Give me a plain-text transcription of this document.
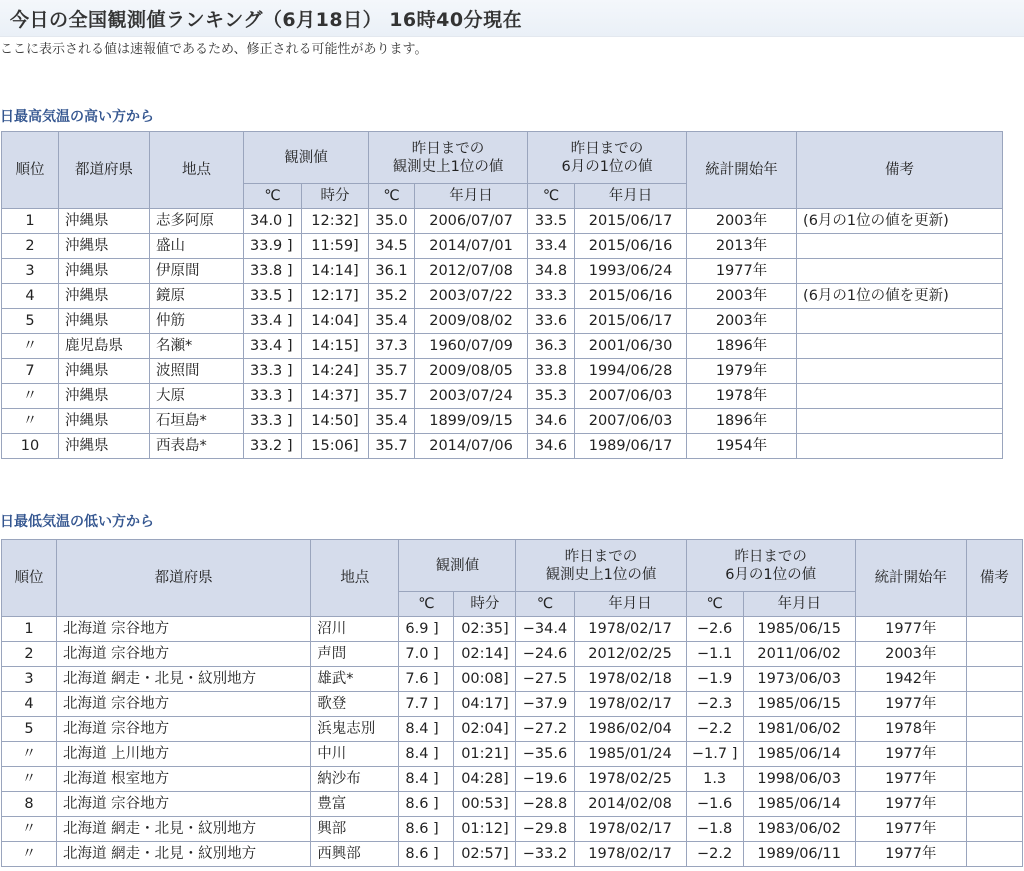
今日の全国観測値ランキング（6月18日） 16時40分現在
ここに表示される値は速報値であるため、修正される可能性があります。
日最高気温の高い方から
順位	都道府県	地点	観測値		昨日までの
観測史上1位の値		昨日までの
6月の1位の値		統計開始年	備考
			℃	時分	℃	年月日	℃	年月日		
1	沖縄県	志多阿原	34.0 ]	12:32]	35.0	2006/07/07	33.5	2015/06/17	2003年	(6月の1位の値を更新)
2	沖縄県	盛山	33.9 ]	11:59]	34.5	2014/07/01	33.4	2015/06/16	2013年	
3	沖縄県	伊原間	33.8 ]	14:14]	36.1	2012/07/08	34.8	1993/06/24	1977年	
4	沖縄県	鏡原	33.5 ]	12:17]	35.2	2003/07/22	33.3	2015/06/16	2003年	(6月の1位の値を更新)
5	沖縄県	仲筋	33.4 ]	14:04]	35.4	2009/08/02	33.6	2015/06/17	2003年	
〃	鹿児島県	名瀬*	33.4 ]	14:15]	37.3	1960/07/09	36.3	2001/06/30	1896年	
7	沖縄県	波照間	33.3 ]	14:24]	35.7	2009/08/05	33.8	1994/06/28	1979年	
〃	沖縄県	大原	33.3 ]	14:37]	35.7	2003/07/24	35.3	2007/06/03	1978年	
〃	沖縄県	石垣島*	33.3 ]	14:50]	35.4	1899/09/15	34.6	2007/06/03	1896年	
10	沖縄県	西表島*	33.2 ]	15:06]	35.7	2014/07/06	34.6	1989/06/17	1954年	
日最低気温の低い方から
順位	都道府県	地点	観測値		昨日までの
観測史上1位の値		昨日までの
6月の1位の値		統計開始年	備考
			℃	時分	℃	年月日	℃	年月日		
1	北海道 宗谷地方	沼川	6.9 ]	02:35]	−34.4	1978/02/17	−2.6	1985/06/15	1977年	
2	北海道 宗谷地方	声問	7.0 ]	02:14]	−24.6	2012/02/25	−1.1	2011/06/02	2003年	
3	北海道 網走・北見・紋別地方	雄武*	7.6 ]	00:08]	−27.5	1978/02/18	−1.9	1973/06/03	1942年	
4	北海道 宗谷地方	歌登	7.7 ]	04:17]	−37.9	1978/02/17	−2.3	1985/06/15	1977年	
5	北海道 宗谷地方	浜鬼志別	8.4 ]	02:04]	−27.2	1986/02/04	−2.2	1981/06/02	1978年	
〃	北海道 上川地方	中川	8.4 ]	01:21]	−35.6	1985/01/24	−1.7 ]	1985/06/14	1977年	
〃	北海道 根室地方	納沙布	8.4 ]	04:28]	−19.6	1978/02/25	1.3	1998/06/03	1977年	
8	北海道 宗谷地方	豊富	8.6 ]	00:53]	−28.8	2014/02/08	−1.6	1985/06/14	1977年	
〃	北海道 網走・北見・紋別地方	興部	8.6 ]	01:12]	−29.8	1978/02/17	−1.8	1983/06/02	1977年	
〃	北海道 網走・北見・紋別地方	西興部	8.6 ]	02:57]	−33.2	1978/02/17	−2.2	1989/06/11	1977年	
